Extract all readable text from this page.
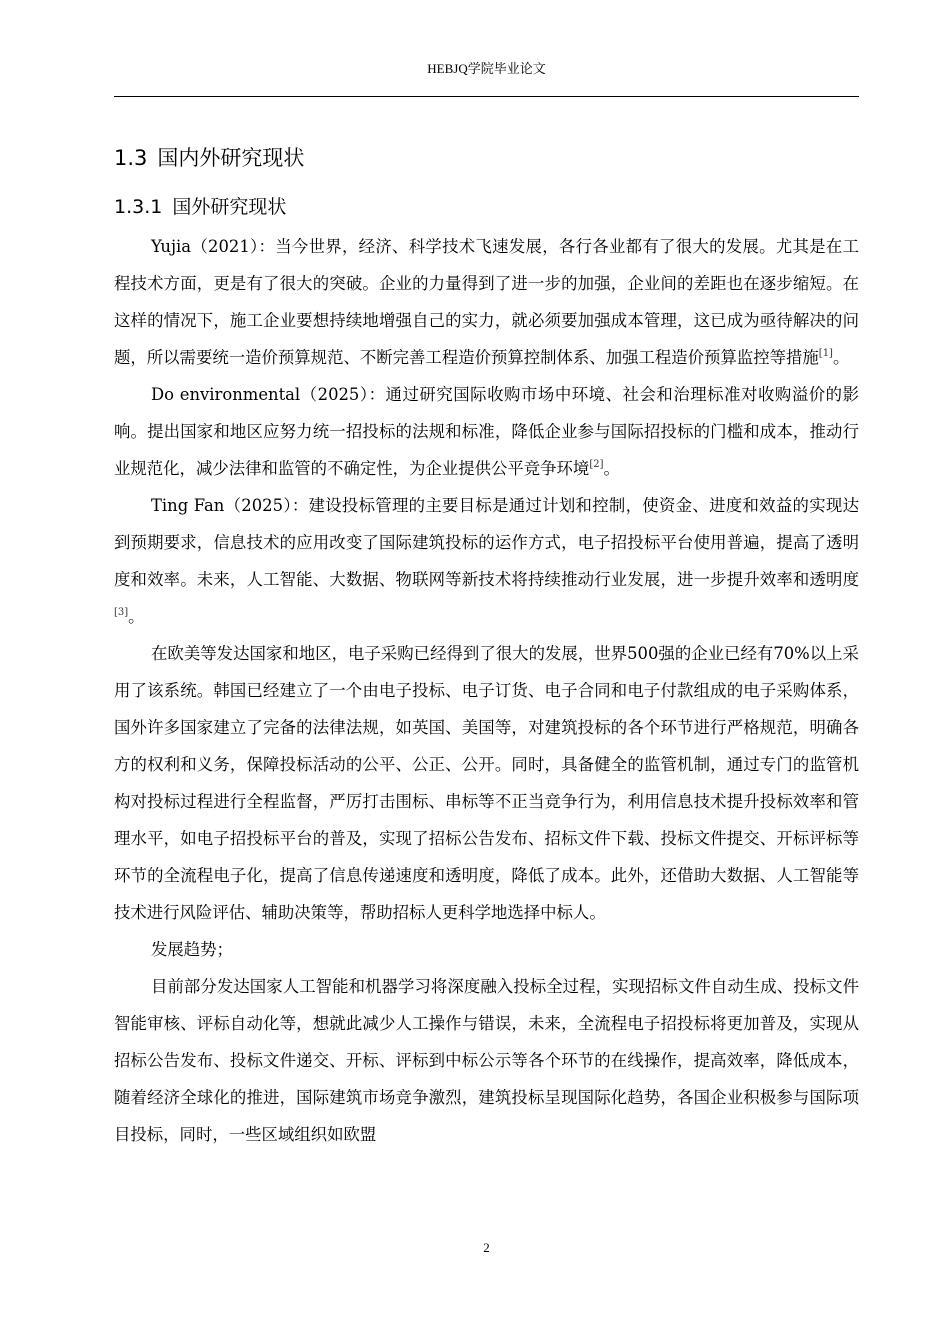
HEBJQ学院毕业论文
1.3 国内外研究现状
1.3.1 国外研究现状

Yujia（2021）：当今世界，经济、科学技术飞速发展，各行各业都有了很大的发展。尤其是在工程技术方面，更是有了很大的突破。企业的力量得到了进一步的加强，企业间的差距也在逐步缩短。在这样的情况下，施工企业要想持续地增强自己的实力，就必须要加强成本管理，这已成为亟待解决的问题，所以需要统一造价预算规范、不断完善工程造价预算控制体系、加强工程造价预算监控等措施[1]。

Do environmental（2025）：通过研究国际收购市场中环境、社会和治理标准对收购溢价的影响。提出国家和地区应努力统一招投标的法规和标准，降低企业参与国际招投标的门槛和成本，推动行业规范化，减少法律和监管的不确定性，为企业提供公平竞争环境[2]。

Ting Fan（2025）：建设投标管理的主要目标是通过计划和控制，使资金、进度和效益的实现达到预期要求，信息技术的应用改变了国际建筑投标的运作方式，电子招投标平台使用普遍，提高了透明度和效率。未来，人工智能、大数据、物联网等新技术将持续推动行业发展，进一步提升效率和透明度[3]。

在欧美等发达国家和地区，电子采购已经得到了很大的发展，世界500强的企业已经有70%以上采用了该系统。韩国已经建立了一个由电子投标、电子订货、电子合同和电子付款组成的电子采购体系，国外许多国家建立了完备的法律法规，如英国、美国等，对建筑投标的各个环节进行严格规范，明确各方的权利和义务，保障投标活动的公平、公正、公开。同时，具备健全的监管机制，通过专门的监管机构对投标过程进行全程监督，严厉打击围标、串标等不正当竞争行为，利用信息技术提升投标效率和管理水平，如电子招投标平台的普及，实现了招标公告发布、招标文件下载、投标文件提交、开标评标等环节的全流程电子化，提高了信息传递速度和透明度，降低了成本。此外，还借助大数据、人工智能等技术进行风险评估、辅助决策等，帮助招标人更科学地选择中标人。

发展趋势；

目前部分发达国家人工智能和机器学习将深度融入投标全过程，实现招标文件自动生成、投标文件智能审核、评标自动化等，想就此减少人工操作与错误，未来，全流程电子招投标将更加普及，实现从招标公告发布、投标文件递交、开标、评标到中标公示等各个环节的在线操作，提高效率，降低成本，随着经济全球化的推进，国际建筑市场竞争激烈，建筑投标呈现国际化趋势，各国企业积极参与国际项目投标，同时，一些区域组织如欧盟

2
